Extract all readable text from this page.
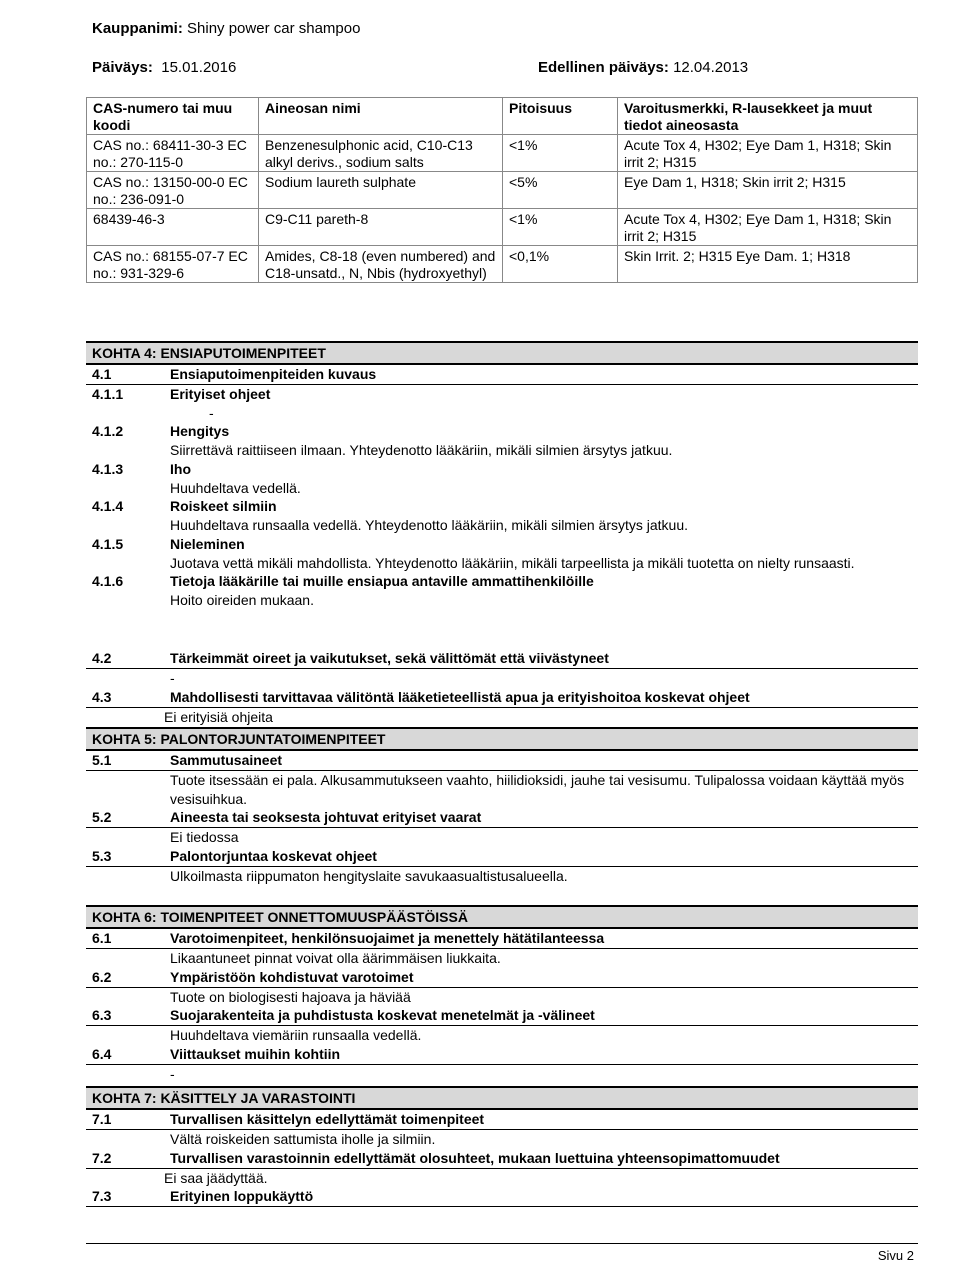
Kauppanimi: Shiny power car shampoo
Päiväys: 15.01.2016	Edellinen päiväys: 12.04.2013
CAS-numero tai muu koodi	Aineosan nimi	Pitoisuus	Varoitusmerkki, R-lausekkeet ja muut tiedot aineosasta
CAS no.: 68411-30-3 EC no.: 270-115-0	Benzenesulphonic acid, C10-C13 alkyl derivs., sodium salts	<1%	Acute Tox 4, H302; Eye Dam 1, H318; Skin irrit 2; H315
CAS no.: 13150-00-0 EC no.: 236-091-0	Sodium laureth sulphate	<5%	Eye Dam 1, H318; Skin irrit 2; H315
68439-46-3	C9-C11 pareth-8	<1%	Acute Tox 4, H302; Eye Dam 1, H318; Skin irrit 2; H315
CAS no.: 68155-07-7 EC no.: 931-329-6	Amides, C8-18 (even numbered) and C18-unsatd., N, Nbis (hydroxyethyl)	<0,1%	Skin Irrit. 2; H315 Eye Dam. 1; H318
KOHTA 4: ENSIAPUTOIMENPITEET
4.1	Ensiaputoimenpiteiden kuvaus
4.1.1	Erityiset ohjeet
-
4.1.2	Hengitys
Siirrettävä raittiiseen ilmaan. Yhteydenotto lääkäriin, mikäli silmien ärsytys jatkuu.
4.1.3	Iho
Huuhdeltava vedellä.
4.1.4	Roiskeet silmiin
Huuhdeltava runsaalla vedellä. Yhteydenotto lääkäriin, mikäli silmien ärsytys jatkuu.
4.1.5	Nieleminen
Juotava vettä mikäli mahdollista. Yhteydenotto lääkäriin, mikäli tarpeellista ja mikäli tuotetta on nielty runsaasti.
4.1.6	Tietoja lääkärille tai muille ensiapua antaville ammattihenkilöille
Hoito oireiden mukaan.
4.2	Tärkeimmät oireet ja vaikutukset, sekä välittömät että viivästyneet
-
4.3	Mahdollisesti tarvittavaa välitöntä lääketieteellistä apua ja erityishoitoa koskevat ohjeet
Ei erityisiä ohjeita
KOHTA 5: PALONTORJUNTATOIMENPITEET
5.1	Sammutusaineet
Tuote itsessään ei pala. Alkusammutukseen vaahto, hiilidioksidi, jauhe tai vesisumu. Tulipalossa voidaan käyttää myös vesisuihkua.
5.2	Aineesta tai seoksesta johtuvat erityiset vaarat
Ei tiedossa
5.3	Palontorjuntaa koskevat ohjeet
Ulkoilmasta riippumaton hengityslaite savukaasualtistusalueella.
KOHTA 6: TOIMENPITEET ONNETTOMUUSPÄÄSTÖISSÄ
6.1	Varotoimenpiteet, henkilönsuojaimet ja menettely hätätilanteessa
Likaantuneet pinnat voivat olla äärimmäisen liukkaita.
6.2	Ympäristöön kohdistuvat varotoimet
Tuote on biologisesti hajoava ja häviää
6.3	Suojarakenteita ja puhdistusta koskevat menetelmät ja -välineet
Huuhdeltava viemäriin runsaalla vedellä.
6.4	Viittaukset muihin kohtiin
-
KOHTA 7: KÄSITTELY JA VARASTOINTI
7.1	Turvallisen käsittelyn edellyttämät toimenpiteet
Vältä roiskeiden sattumista iholle ja silmiin.
7.2	Turvallisen varastoinnin edellyttämät olosuhteet, mukaan luettuina yhteensopimattomuudet
Ei saa jäädyttää.
7.3	Erityinen loppukäyttö
Sivu 2
